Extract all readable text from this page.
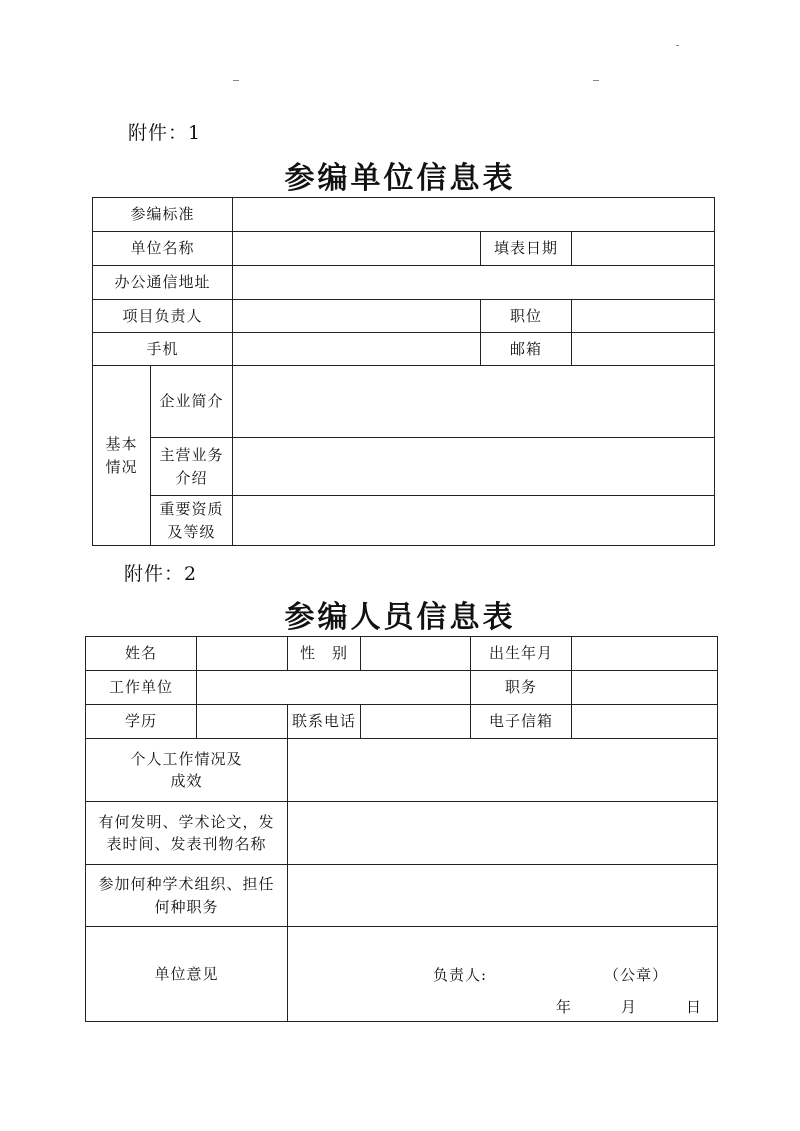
附件：1
参编单位信息表
参编标准				
单位名称			填表日期	
办公通信地址				
项目负责人			职位	
手机			邮箱	
基本情况	企业简介			
	主营业务介绍			
	重要资质及等级			
附件：2
参编人员信息表
姓名		性　别		出生年月	
工作单位				职务	
学历		联系电话		电子信箱	
个人工作情况及成效					
有何发明、学术论文，发表时间、发表刊物名称					
参加何种学术组织、担任何种职务					
单位意见						负责人:	（公章）
年	月	日
